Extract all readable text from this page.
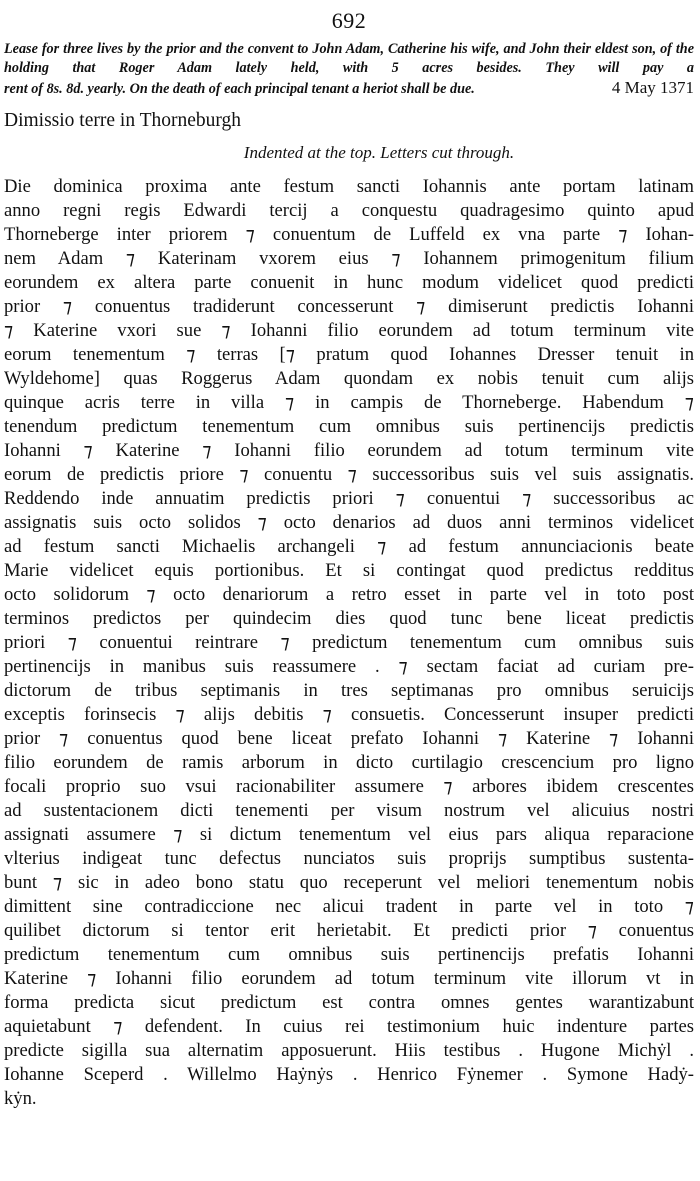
692
Lease for three lives by the prior and the convent to John Adam, Catherine his wife, and John their eldest son, of the holding that Roger Adam lately held, with 5 acres besides. They will pay a
rent of 8s. 8d. yearly. On the death of each principal tenant a heriot shall be due.	4 May 1371
Dimissio terre in Thorneburgh
Indented at the top. Letters cut through.
Die dominica proxima ante festum sancti Iohannis ante portam latinam
anno regni regis Edwardi tercij a conquestu quadragesimo quinto apud
Thorneberge inter priorem ⁊ conuentum de Luffeld ex vna parte ⁊ Iohan-
nem Adam ⁊ Katerinam vxorem eius ⁊ Iohannem primogenitum filium
eorundem ex altera parte conuenit in hunc modum videlicet quod predicti
prior ⁊ conuentus tradiderunt concesserunt ⁊ dimiserunt predictis Iohanni
⁊ Katerine vxori sue ⁊ Iohanni filio eorundem ad totum terminum vite
eorum tenementum ⁊ terras [⁊ pratum quod Iohannes Dresser tenuit in
Wyldehome] quas Roggerus Adam quondam ex nobis tenuit cum alijs
quinque acris terre in villa ⁊ in campis de Thorneberge. Habendum ⁊
tenendum predictum tenementum cum omnibus suis pertinencijs predictis
Iohanni ⁊ Katerine ⁊ Iohanni filio eorundem ad totum terminum vite
eorum de predictis priore ⁊ conuentu ⁊ successoribus suis vel suis assignatis.
Reddendo inde annuatim predictis priori ⁊ conuentui ⁊ successoribus ac
assignatis suis octo solidos ⁊ octo denarios ad duos anni terminos videlicet
ad festum sancti Michaelis archangeli ⁊ ad festum annunciacionis beate
Marie videlicet equis portionibus. Et si contingat quod predictus redditus
octo solidorum ⁊ octo denariorum a retro esset in parte vel in toto post
terminos predictos per quindecim dies quod tunc bene liceat predictis
priori ⁊ conuentui reintrare ⁊ predictum tenementum cum omnibus suis
pertinencijs in manibus suis reassumere . ⁊ sectam faciat ad curiam pre-
dictorum de tribus septimanis in tres septimanas pro omnibus seruicijs
exceptis forinsecis ⁊ alijs debitis ⁊ consuetis. Concesserunt insuper predicti
prior ⁊ conuentus quod bene liceat prefato Iohanni ⁊ Katerine ⁊ Iohanni
filio eorundem de ramis arborum in dicto curtilagio crescencium pro ligno
focali proprio suo vsui racionabiliter assumere ⁊ arbores ibidem crescentes
ad sustentacionem dicti tenementi per visum nostrum vel alicuius nostri
assignati assumere ⁊ si dictum tenementum vel eius pars aliqua reparacione
vlterius indigeat tunc defectus nunciatos suis proprijs sumptibus sustenta-
bunt ⁊ sic in adeo bono statu quo receperunt vel meliori tenementum nobis
dimittent sine contradiccione nec alicui tradent in parte vel in toto ⁊
quilibet dictorum si tentor erit herietabit. Et predicti prior ⁊ conuentus
predictum tenementum cum omnibus suis pertinencijs prefatis Iohanni
Katerine ⁊ Iohanni filio eorundem ad totum terminum vite illorum vt in
forma predicta sicut predictum est contra omnes gentes warantizabunt
aquietabunt ⁊ defendent. In cuius rei testimonium huic indenture partes
predicte sigilla sua alternatim apposuerunt. Hiis testibus . Hugone Michẏl .
Iohanne Sceperd . Willelmo Haẏnẏs . Henrico Fẏnemer . Symone Hadẏ-
kẏn.
